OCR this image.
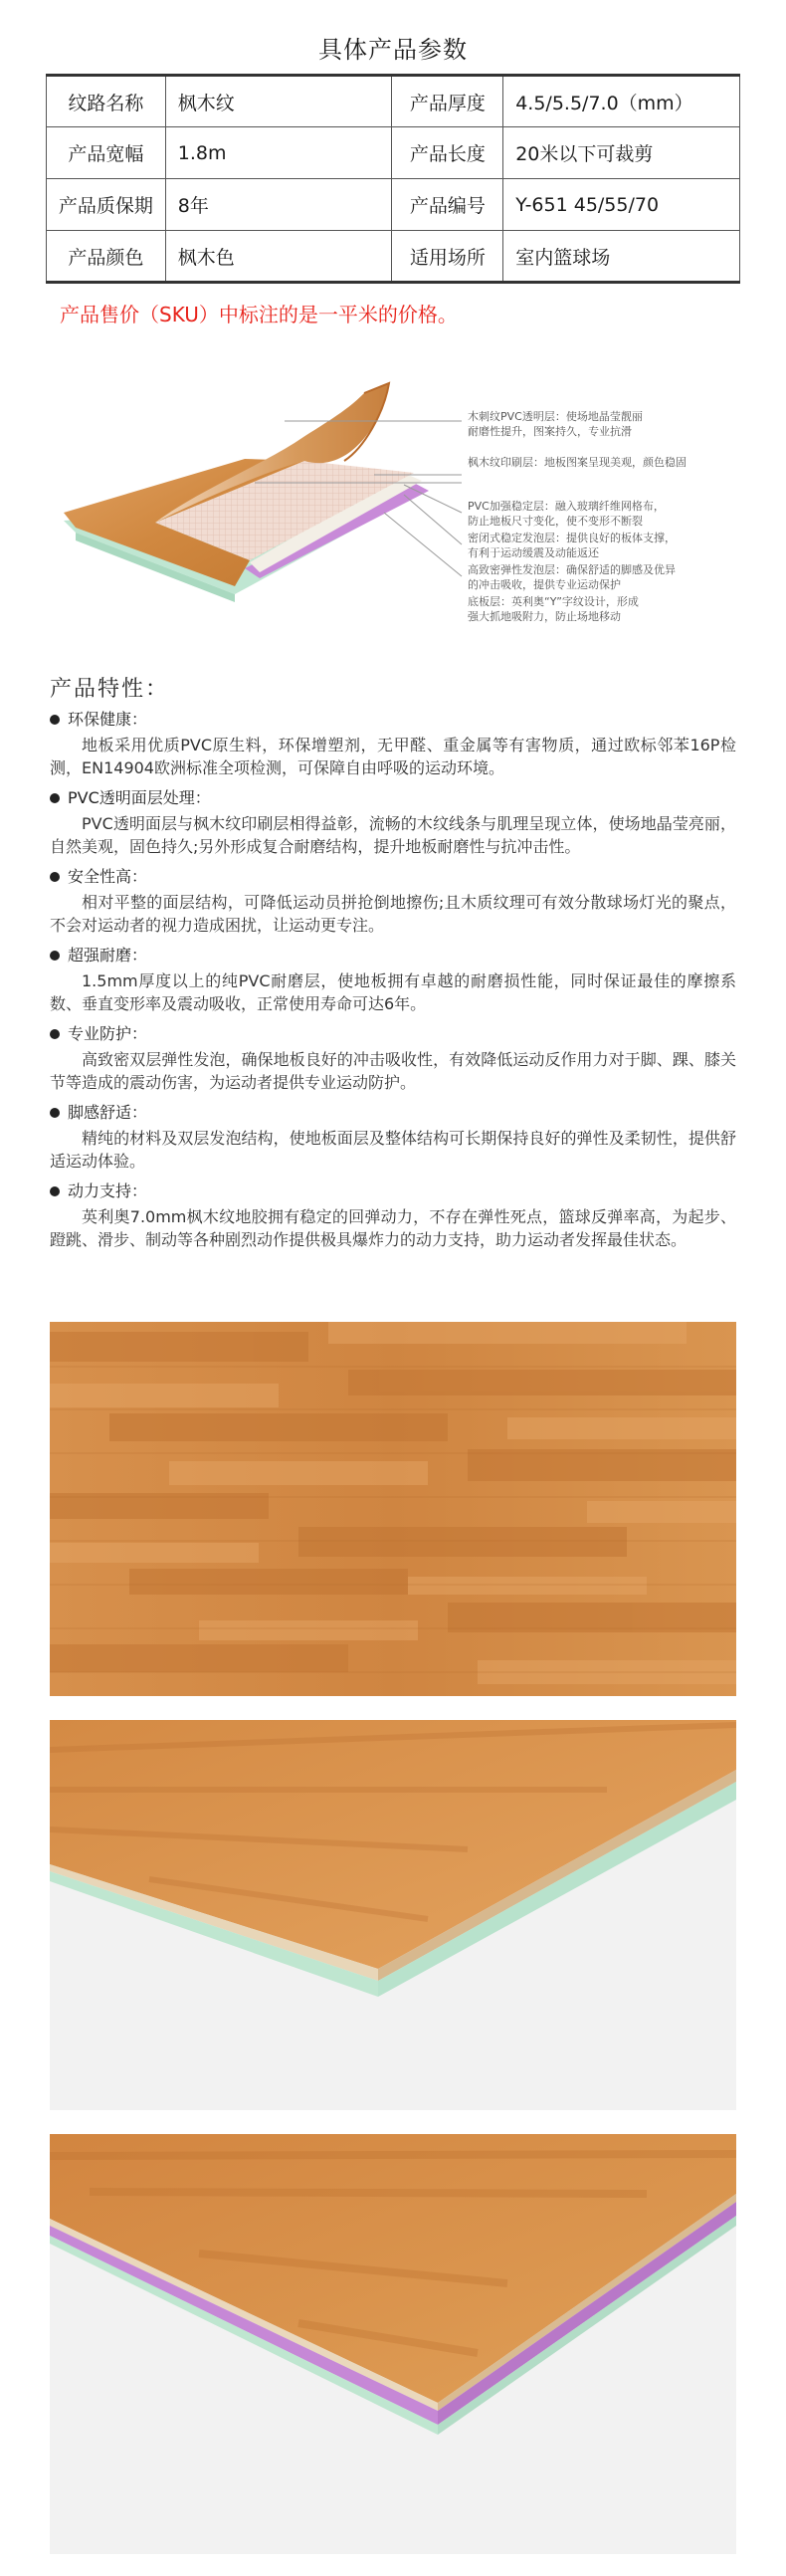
具体产品参数
纹路名称	枫木纹	产品厚度	4.5/5.5/7.0（mm）
产品宽幅	1.8m	产品长度	20米以下可裁剪
产品质保期	8年	产品编号	Y-651 45/55/70
产品颜色	枫木色	适用场所	室内篮球场
产品售价（SKU）中标注的是一平米的价格。
木刺纹PVC透明层：使场地晶莹靓丽
耐磨性提升，图案持久，专业抗滑
枫木纹印刷层：地板图案呈现美观，颜色稳固
PVC加强稳定层：融入玻璃纤维网格布，
防止地板尺寸变化，使不变形不断裂
密闭式稳定发泡层：提供良好的板体支撑，
有利于运动缓震及动能返还
高致密弹性发泡层：确保舒适的脚感及优异
的冲击吸收，提供专业运动保护
底板层：英利奥“Y”字纹设计，形成
强大抓地吸附力，防止场地移动
产品特性：
环保健康：
地板采用优质PVC原生料，环保增塑剂，无甲醛、重金属等有害物质，通过欧标邻苯16P检测，EN14904欧洲标准全项检测，可保障自由呼吸的运动环境。
PVC透明面层处理：
PVC透明面层与枫木纹印刷层相得益彰，流畅的木纹线条与肌理呈现立体，使场地晶莹亮丽，自然美观，固色持久;另外形成复合耐磨结构，提升地板耐磨性与抗冲击性。
安全性高：
相对平整的面层结构，可降低运动员拼抢倒地擦伤;且木质纹理可有效分散球场灯光的聚点，不会对运动者的视力造成困扰，让运动更专注。
超强耐磨：
1.5mm厚度以上的纯PVC耐磨层，使地板拥有卓越的耐磨损性能，同时保证最佳的摩擦系数、垂直变形率及震动吸收，正常使用寿命可达6年。
专业防护：
高致密双层弹性发泡，确保地板良好的冲击吸收性，有效降低运动反作用力对于脚、踝、膝关节等造成的震动伤害，为运动者提供专业运动防护。
脚感舒适：
精纯的材料及双层发泡结构，使地板面层及整体结构可长期保持良好的弹性及柔韧性，提供舒适运动体验。
动力支持：
英利奥7.0mm枫木纹地胶拥有稳定的回弹动力，不存在弹性死点，篮球反弹率高，为起步、蹬跳、滑步、制动等各种剧烈动作提供极具爆炸力的动力支持，助力运动者发挥最佳状态。
